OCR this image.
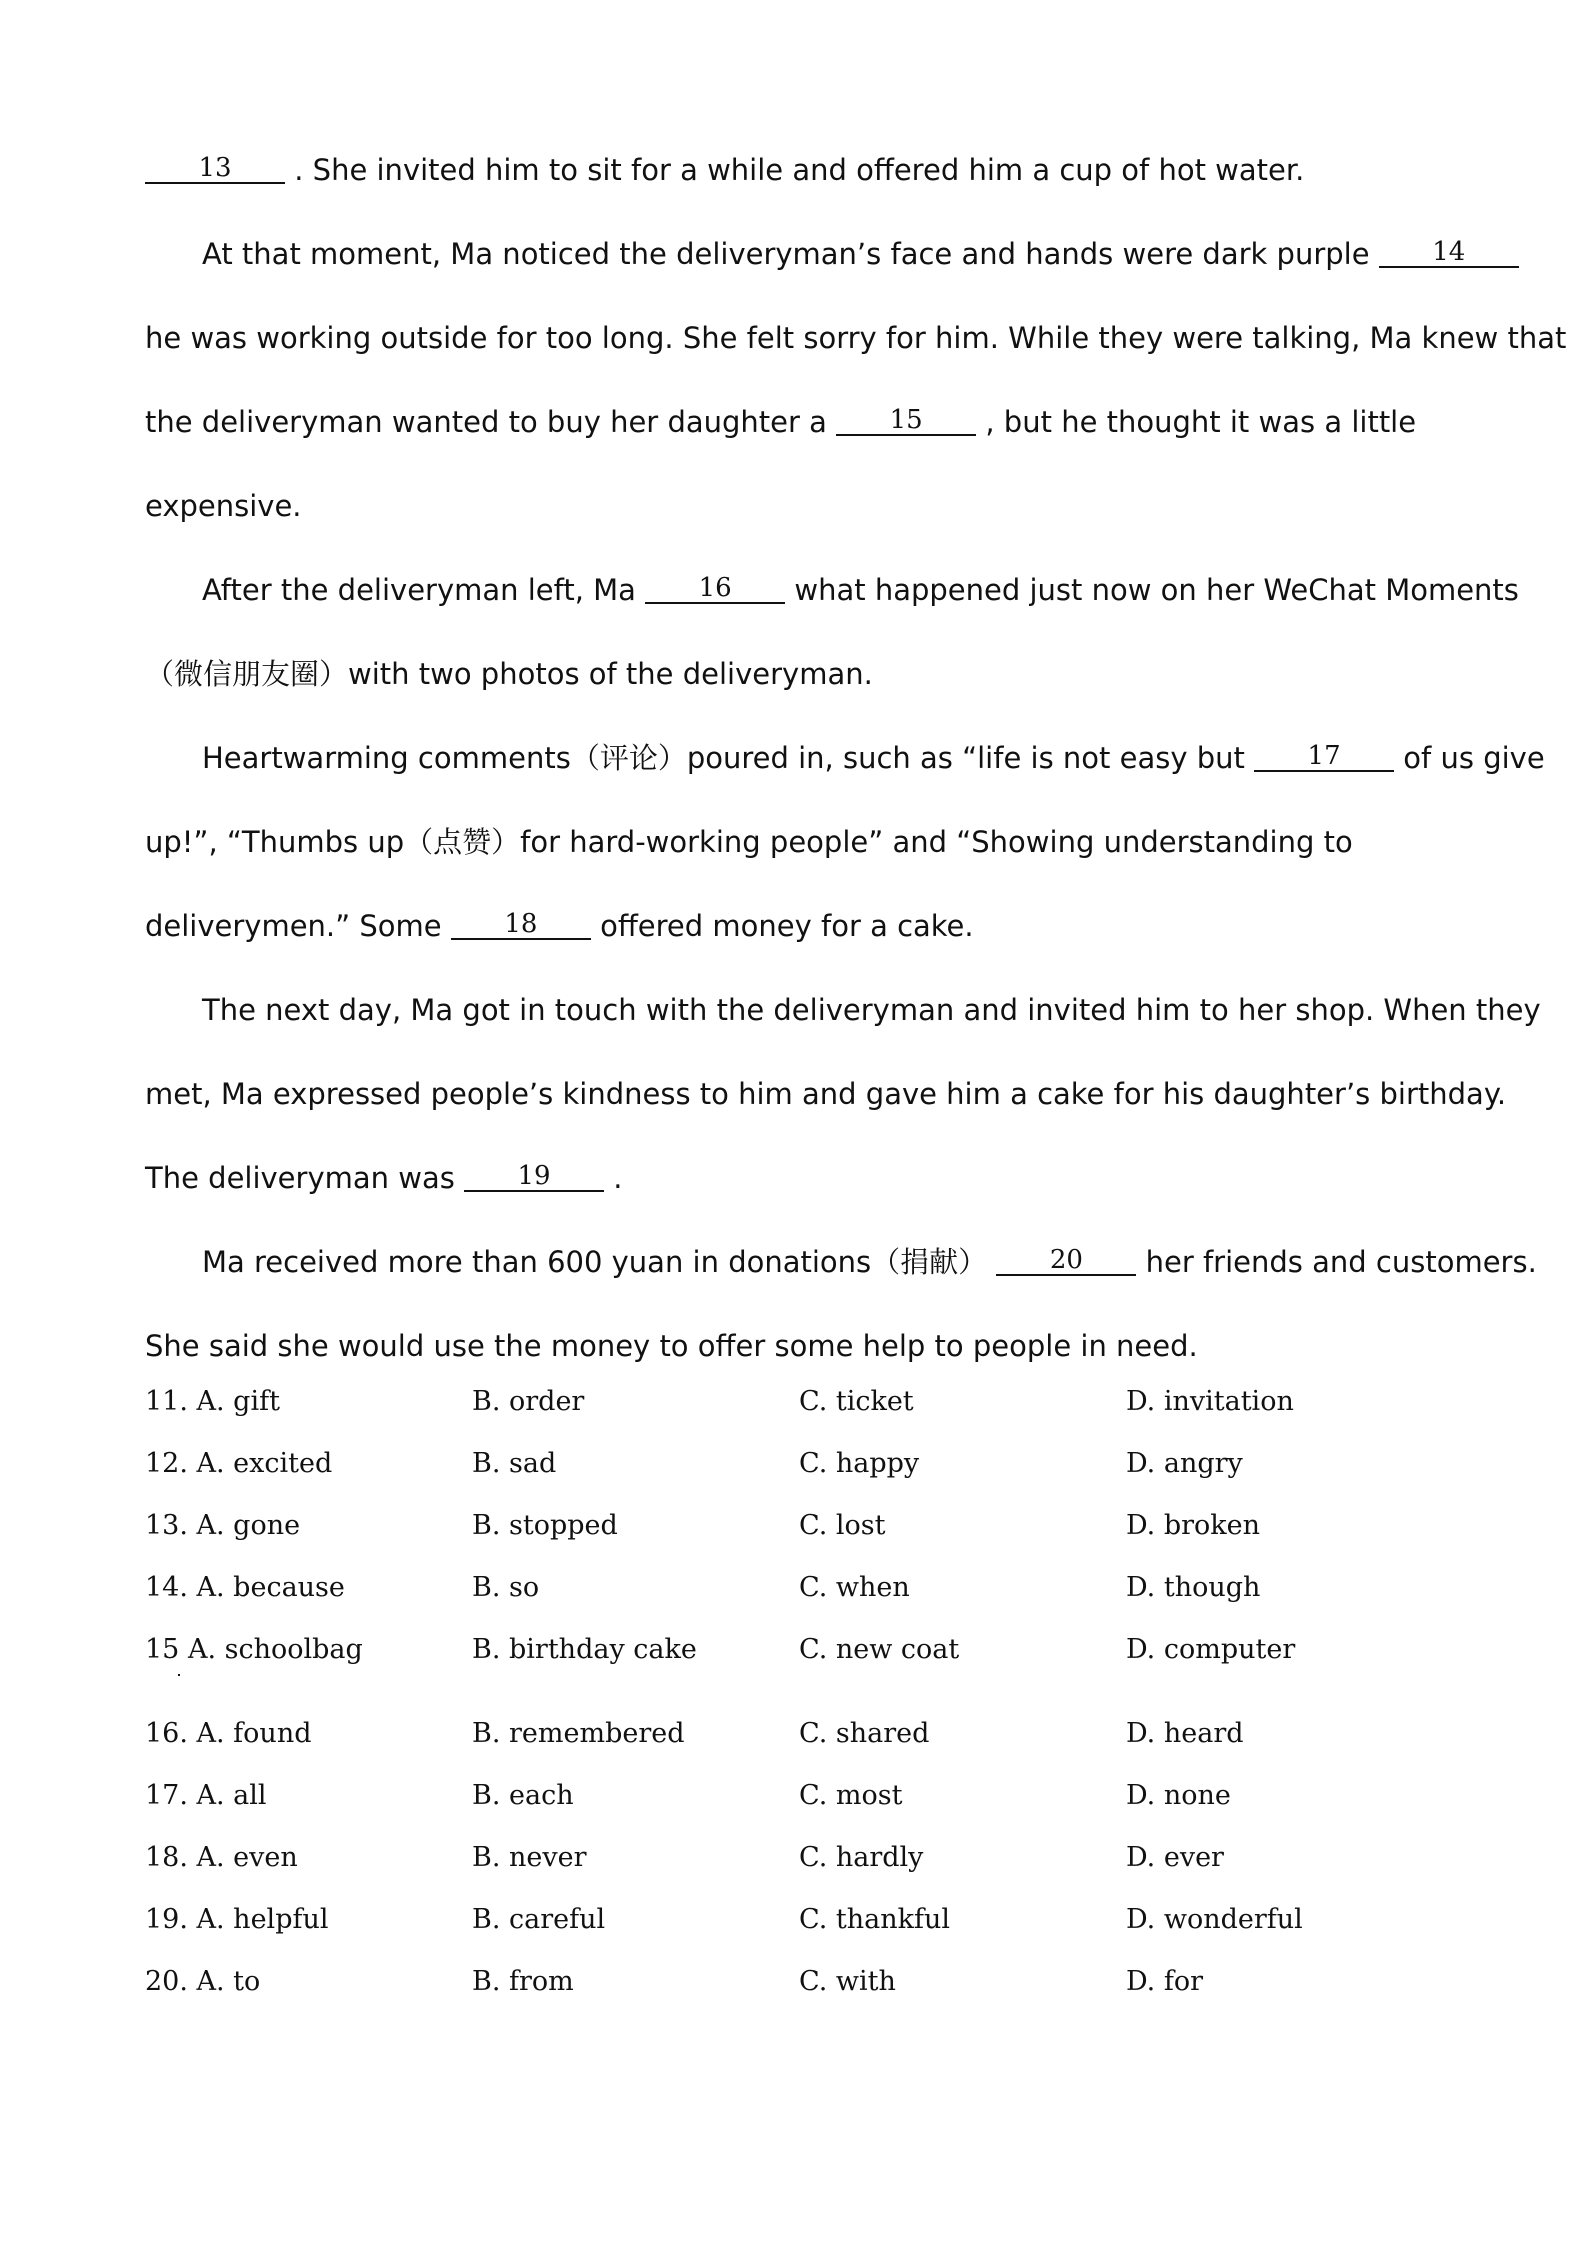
13 . She invited him to sit for a while and offered him a cup of hot water.

At that moment, Ma noticed the deliveryman’s face and hands were dark purple 14

he was working outside for too long. She felt sorry for him. While they were talking, Ma knew that

the deliveryman wanted to buy her daughter a 15 , but he thought it was a little

expensive.

After the deliveryman left, Ma 16 what happened just now on her WeChat Moments

（微信朋友圈）with two photos of the deliveryman.

Heartwarming comments（评论）poured in, such as “life is not easy but 17 of us give

up!”, “Thumbs up（点赞）for hard-working people” and “Showing understanding to

deliverymen.” Some 18 offered money for a cake.

The next day, Ma got in touch with the deliveryman and invited him to her shop. When they

met, Ma expressed people’s kindness to him and gave him a cake for his daughter’s birthday.

The deliveryman was 19 .

Ma received more than 600 yuan in donations（捐献） 20 her friends and customers.

She said she would use the money to offer some help to people in need.

11. A. gift	B. order	C. ticket	D. invitation
12. A. excited	B. sad	C. happy	D. angry
13. A. gone	B. stopped	C. lost	D. broken
14. A. because	B. so	C. when	D. though
15 A. schoolbag	B. birthday cake	C. new coat	D. computer
16. A. found	B. remembered	C. shared	D. heard
17. A. all	B. each	C. most	D. none
18. A. even	B. never	C. hardly	D. ever
19. A. helpful	B. careful	C. thankful	D. wonderful
20. A. to	B. from	C. with	D. for
